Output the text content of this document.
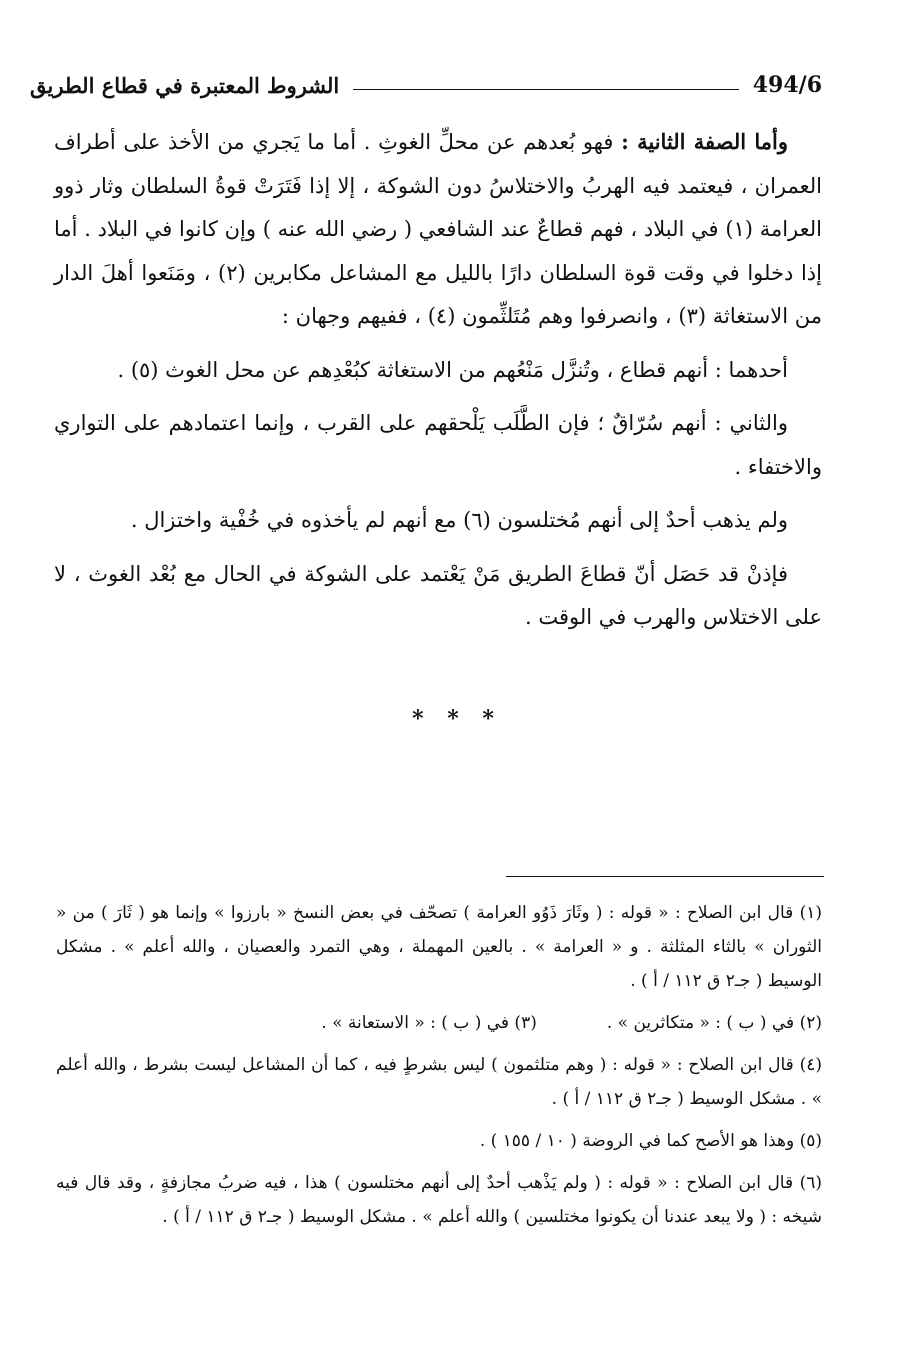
494/6
الشروط المعتبرة في قطاع الطريق

وأما الصفة الثانية : فهو بُعدهم عن محلِّ الغوثِ . أما ما يَجري من الأخذ على أطراف العمران ، فيعتمد فيه الهربُ والاختلاسُ دون الشوكة ، إلا إذا فَتَرَتْ قوةُ السلطان وثار ذوو العرامة (١) في البلاد ، فهم قطاعٌ عند الشافعي ( رضي الله عنه ) وإن كانوا في البلاد . أما إذا دخلوا في وقت قوة السلطان دارًا بالليل مع المشاعل مكابرين (٢) ، ومَنَعوا أهلَ الدار من الاستغاثة (٣) ، وانصرفوا وهم مُتَلثِّمون (٤) ، ففيهم وجهان :

أحدهما : أنهم قطاع ، وتُنزَّل مَنْعُهم من الاستغاثة كبُعْدِهم عن محل الغوث (٥) .

والثاني : أنهم سُرّاقٌ ؛ فإن الطَّلَب يَلْحقهم على القرب ، وإنما اعتمادهم على التواري والاختفاء .

ولم يذهب أحدٌ إلى أنهم مُختلسون (٦) مع أنهم لم يأخذوه في خُفْية واختزال .

فإذنْ قد حَصَل أنّ قطاعَ الطريق مَنْ يَعْتمد على الشوكة في الحال مع بُعْد الغوث ، لا على الاختلاس والهرب في الوقت .

* * *

(١) قال ابن الصلاح : « قوله : ( وثَارَ ذَوُو العرامة ) تصحّف في بعض النسخ « بارزوا » وإنما هو ( ثَارَ ) من « الثوران » بالثاء المثلثة . و « العرامة » . بالعين المهملة ، وهي التمرد والعصيان ، والله أعلم » . مشكل الوسيط ( جـ٢ ق ١١٢ / أ ) .

(٢) في ( ب ) : « متكاثرين » .
(٣) في ( ب ) : « الاستعانة » .

(٤) قال ابن الصلاح : « قوله : ( وهم متلثمون ) ليس بشرطٍ فيه ، كما أن المشاعل ليست بشرط ، والله أعلم » . مشكل الوسيط ( جـ٢ ق ١١٢ / أ ) .

(٥) وهذا هو الأصح كما في الروضة ( ١٠ / ١٥٥ ) .

(٦) قال ابن الصلاح : « قوله : ( ولم يَذْهب أحدٌ إلى أنهم مختلسون ) هذا ، فيه ضربُ مجازفةٍ ، وقد قال فيه شيخه : ( ولا يبعد عندنا أن يكونوا مختلسين ) والله أعلم » . مشكل الوسيط ( جـ٢ ق ١١٢ / أ ) .
